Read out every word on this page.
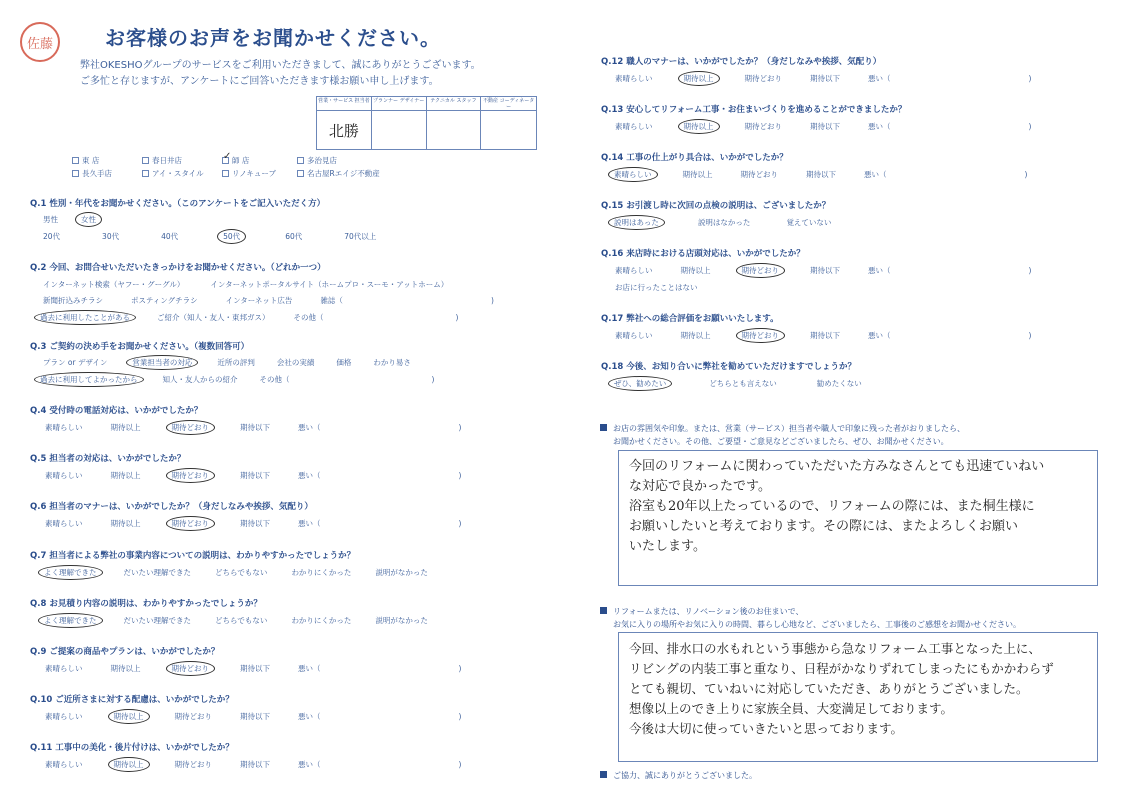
佐藤	お客様のお声をお聞かせください。
弊社OKESHOグループのサービスをご利用いただきまして、誠にありがとうございます。
ご多忙と存じますが、アンケートにご回答いただきます様お願い申し上げます。
営業・サービス 担当者
北勝
プランナー デザイナー	テクニカル スタッフ	不動産 コーディネーター
東 店	春日井店
✓	師 店	多治見店
長久手店	アイ・スタイル	リノキューブ	名古屋Rエイジ不動産
Q.1 性別・年代をお聞かせください。（このアンケートをご記入いただく方）
男性	女性
20代	30代	40代	50代	60代	70代以上
Q.2 今回、お問合せいただいたきっかけをお聞かせください。（どれか一つ）
インターネット検索（ヤフー・グーグル）	インターネットポータルサイト（ホームプロ・スーモ・アットホーム）
新聞折込みチラシ	ポスティングチラシ	インターネット広告	雑誌（	)
過去に利用したことがある	ご紹介（知人・友人・東邦ガス）	その他（	)
Q.3 ご契約の決め手をお聞かせください。（複数回答可）
プラン or デザイン	営業担当者の対応	近所の評判	会社の実績	価格	わかり易さ
過去に利用してよかったから	知人・友人からの紹介	その他（	)
Q.4 受付時の電話対応は、いかがでしたか？
素晴らしい	期待以上	期待どおり	期待以下	悪い（	)
Q.5 担当者の対応は、いかがでしたか？
素晴らしい	期待以上	期待どおり	期待以下	悪い（	)
Q.6 担当者のマナーは、いかがでしたか？（身だしなみや挨拶、気配り）
素晴らしい	期待以上	期待どおり	期待以下	悪い（	)
Q.7 担当者による弊社の事業内容についての説明は、わかりやすかったでしょうか？
よく理解できた	だいたい理解できた	どちらでもない	わかりにくかった	説明がなかった
Q.8 お見積り内容の説明は、わかりやすかったでしょうか？
よく理解できた	だいたい理解できた	どちらでもない	わかりにくかった	説明がなかった
Q.9 ご提案の商品やプランは、いかがでしたか？
素晴らしい	期待以上	期待どおり	期待以下	悪い（	)
Q.10 ご近所さまに対する配慮は、いかがでしたか？
素晴らしい	期待以上	期待どおり	期待以下	悪い（	)
Q.11 工事中の美化・後片付けは、いかがでしたか？
素晴らしい	期待以上	期待どおり	期待以下	悪い（	)
Q.12 職人のマナーは、いかがでしたか？（身だしなみや挨拶、気配り）
素晴らしい	期待以上	期待どおり	期待以下	悪い（	)
Q.13 安心してリフォーム工事・お住まいづくりを進めることができましたか？
素晴らしい	期待以上	期待どおり	期待以下	悪い（	)
Q.14 工事の仕上がり具合は、いかがでしたか？
素晴らしい	期待以上	期待どおり	期待以下	悪い（	)
Q.15 お引渡し時に次回の点検の説明は、ございましたか？
説明はあった	説明はなかった	覚えていない
Q.16 来店時における店頭対応は、いかがでしたか？
素晴らしい	期待以上	期待どおり	期待以下	悪い（	)
お店に行ったことはない
Q.17 弊社への総合評価をお願いいたします。
素晴らしい	期待以上	期待どおり	期待以下	悪い（	)
Q.18 今後、お知り合いに弊社を勧めていただけますでしょうか？
ぜひ、勧めたい	どちらとも言えない	勧めたくない
お店の雰囲気や印象。または、営業（サービス）担当者や職人で印象に残った者がおりましたら、
お聞かせください。その他、ご要望・ご意見などございましたら、ぜひ、お聞かせください。
今回のリフォームに関わっていただいた方みなさんとても迅速ていねい
な対応で良かったです。
浴室も20年以上たっているので、リフォームの際には、また桐生様に
お願いしたいと考えております。その際には、またよろしくお願い
いたします。
リフォームまたは、リノベーション後のお住まいで、
お気に入りの場所やお気に入りの時間、暮らし心地など、ございましたら、工事後のご感想をお聞かせください。
今回、排水口の水もれという事態から急なリフォーム工事となった上に、
リビングの内装工事と重なり、日程がかなりずれてしまったにもかかわらず
とても親切、ていねいに対応していただき、ありがとうございました。
想像以上のでき上りに家族全員、大変満足しております。
今後は大切に使っていきたいと思っております。
ご協力、誠にありがとうございました。
